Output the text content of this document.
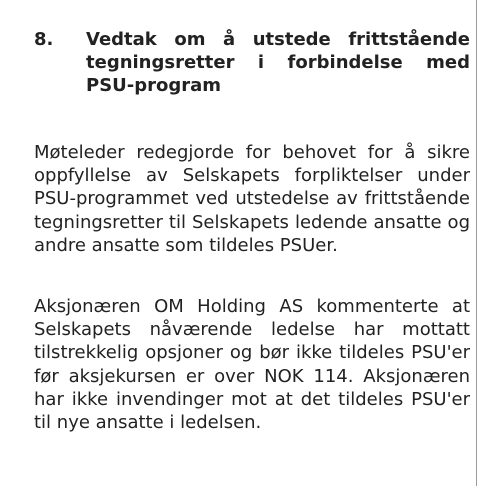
8.	Vedtak om å utstede frittstående tegningsretter i forbindelse med PSU-program

Møteleder redegjorde for behovet for å sikre oppfyllelse av Selskapets forpliktelser under PSU-programmet ved utstedelse av frittstående tegningsretter til Selskapets ledende ansatte og andre ansatte som tildeles PSUer.

Aksjonæren OM Holding AS kommenterte at Selskapets nåværende ledelse har mottatt tilstrekkelig opsjoner og bør ikke tildeles PSU'er før aksjekursen er over NOK 114. Aksjonæren har ikke invendinger mot at det tildeles PSU'er til nye ansatte i ledelsen.
